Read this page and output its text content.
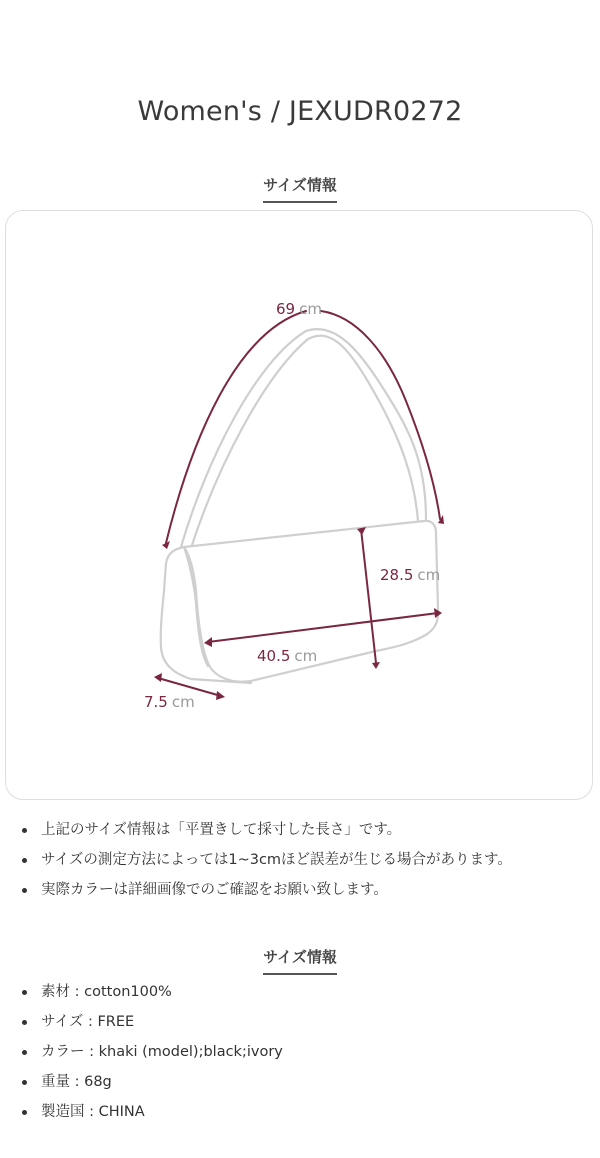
Women's / JEXUDR0272
サイズ情報
69 cm
28.5 cm
40.5 cm
7.5 cm
上記のサイズ情報は「平置きして採寸した長さ」です。
サイズの測定方法によっては1~3cmほど誤差が生じる場合があります。
実際カラーは詳細画像でのご確認をお願い致します。
サイズ情報
素材 : cotton100%
サイズ : FREE
カラー : khaki (model);black;ivory
重量 : 68g
製造国 : CHINA
